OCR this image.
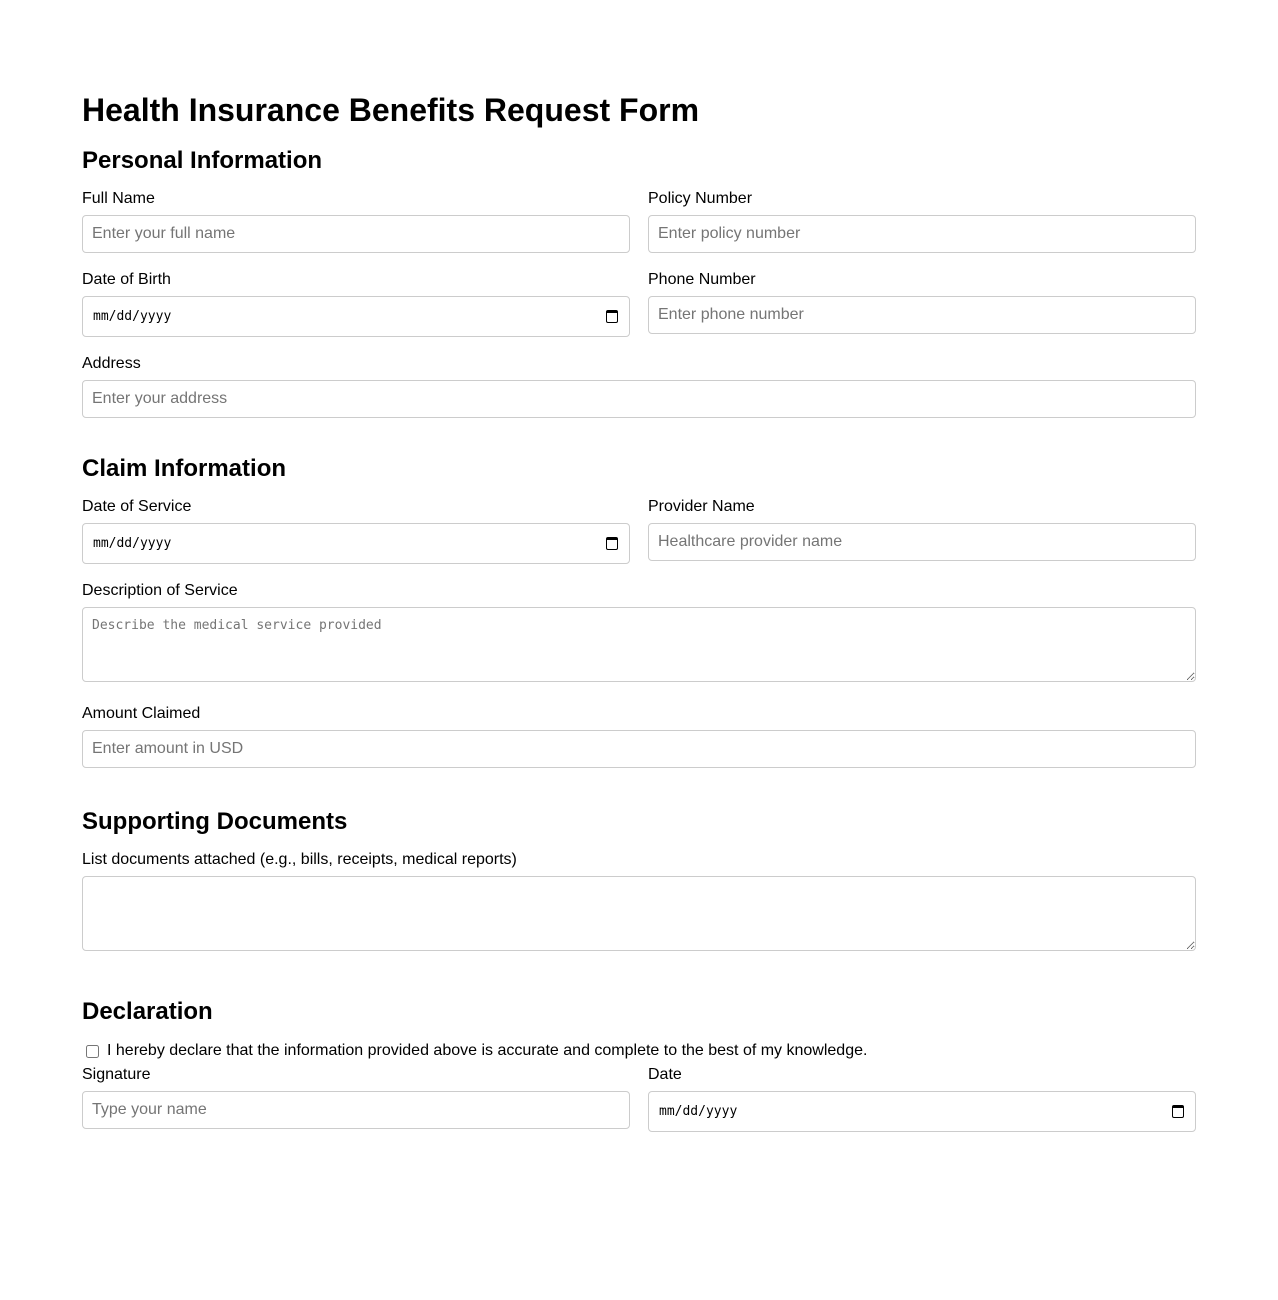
Health Insurance Benefits Request Form
Personal Information
Full Name
Enter your full name	Policy Number
Enter policy number
Date of Birth
mm/dd/yyyy
Phone Number
Enter phone number
Address
Enter your address
Claim Information
Date of Service
mm/dd/yyyy
Provider Name
Healthcare provider name
Description of Service
Describe the medical service provided
Amount Claimed
Enter amount in USD
Supporting Documents
List documents attached (e.g., bills, receipts, medical reports)
Declaration
I hereby declare that the information provided above is accurate and complete to the best of my knowledge.
Signature
Type your name	Date
mm/dd/yyyy
